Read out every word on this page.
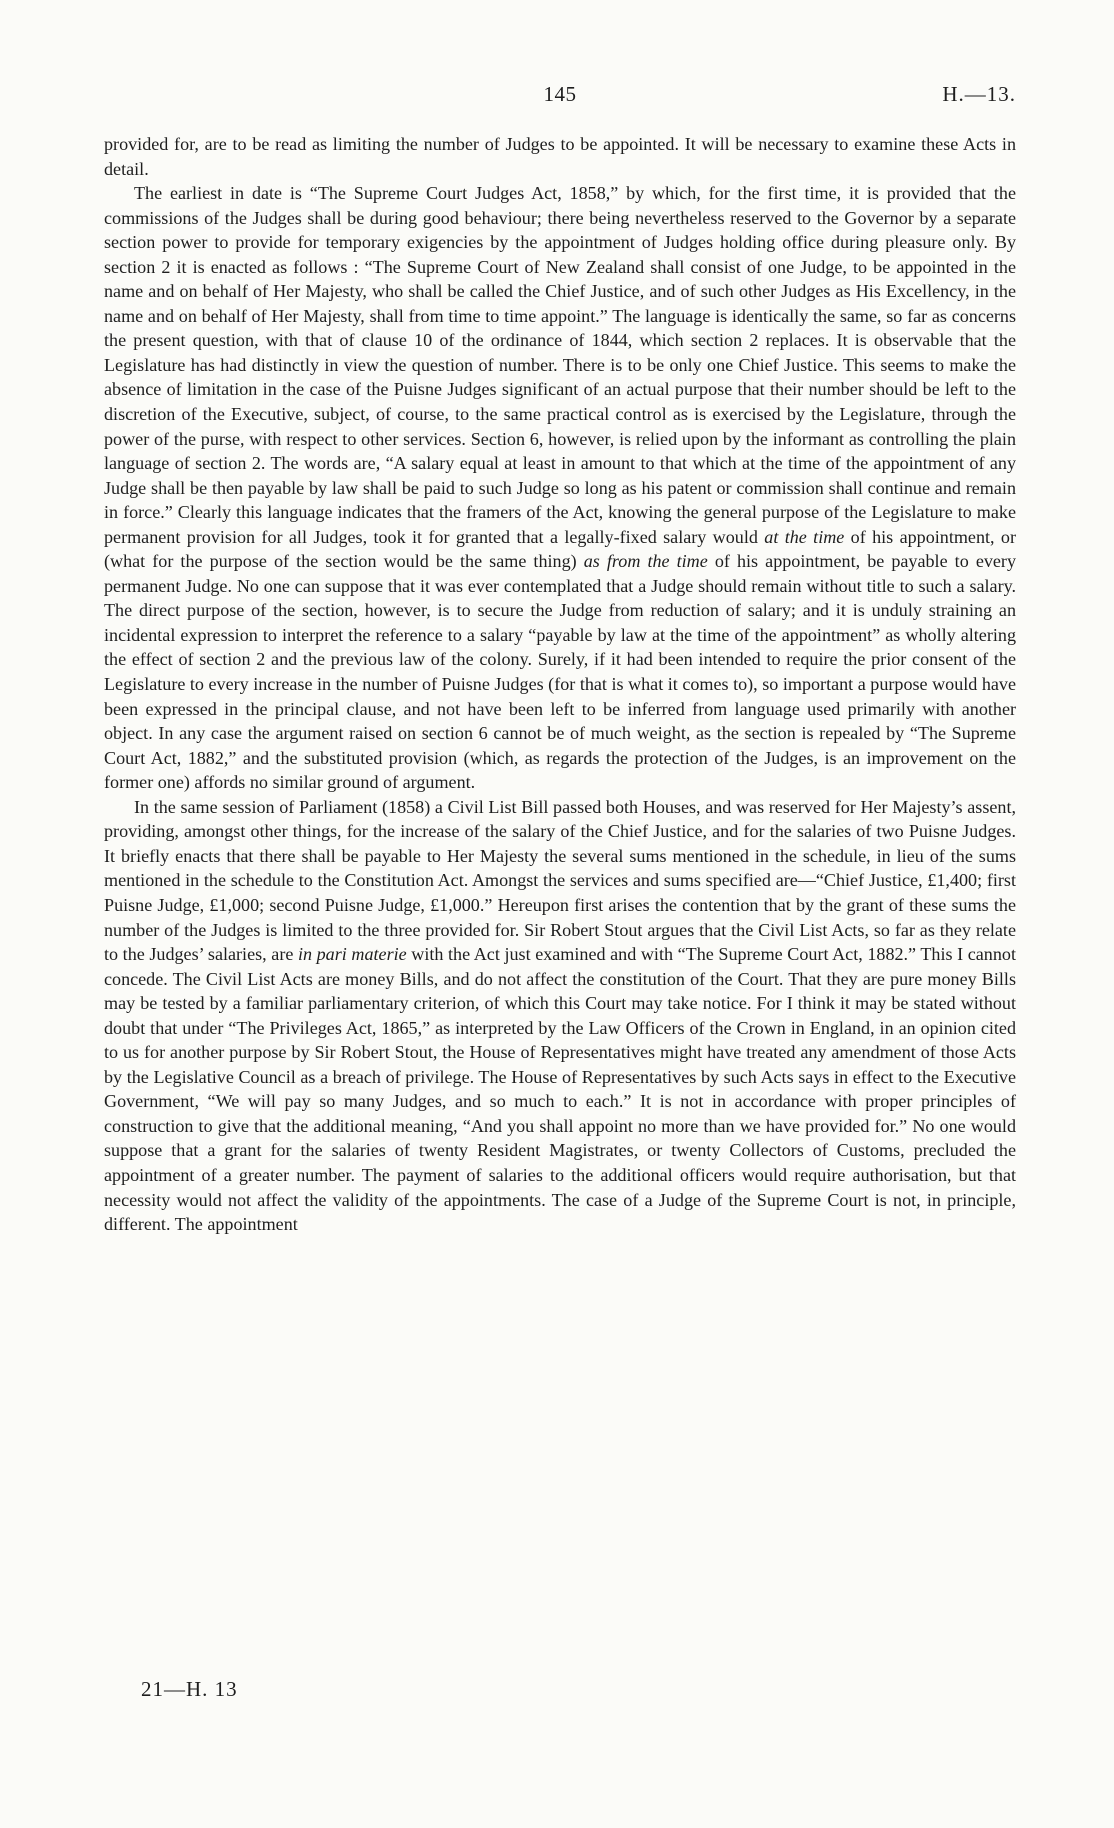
145	H.—13.

provided for, are to be read as limiting the number of Judges to be appointed. It will be necessary to examine these Acts in detail.

The earliest in date is “The Supreme Court Judges Act, 1858,” by which, for the first time, it is provided that the commissions of the Judges shall be during good behaviour; there being nevertheless reserved to the Governor by a separate section power to provide for temporary exigencies by the appointment of Judges holding office during pleasure only. By section 2 it is enacted as follows : “The Supreme Court of New Zealand shall consist of one Judge, to be appointed in the name and on behalf of Her Majesty, who shall be called the Chief Justice, and of such other Judges as His Excellency, in the name and on behalf of Her Majesty, shall from time to time appoint.” The language is identically the same, so far as concerns the present question, with that of clause 10 of the ordinance of 1844, which section 2 replaces. It is observable that the Legislature has had distinctly in view the question of number. There is to be only one Chief Justice. This seems to make the absence of limitation in the case of the Puisne Judges significant of an actual purpose that their number should be left to the discretion of the Executive, subject, of course, to the same practical control as is exercised by the Legislature, through the power of the purse, with respect to other services. Section 6, however, is relied upon by the informant as controlling the plain language of section 2. The words are, “A salary equal at least in amount to that which at the time of the appointment of any Judge shall be then payable by law shall be paid to such Judge so long as his patent or commission shall continue and remain in force.” Clearly this language indicates that the framers of the Act, knowing the general purpose of the Legislature to make permanent provision for all Judges, took it for granted that a legally-fixed salary would at the time of his appointment, or (what for the purpose of the section would be the same thing) as from the time of his appointment, be payable to every permanent Judge. No one can suppose that it was ever contemplated that a Judge should remain without title to such a salary. The direct purpose of the section, however, is to secure the Judge from reduction of salary; and it is unduly straining an incidental expression to interpret the reference to a salary “payable by law at the time of the appointment” as wholly altering the effect of section 2 and the previous law of the colony. Surely, if it had been intended to require the prior consent of the Legislature to every increase in the number of Puisne Judges (for that is what it comes to), so important a purpose would have been expressed in the principal clause, and not have been left to be inferred from language used primarily with another object. In any case the argument raised on section 6 cannot be of much weight, as the section is repealed by “The Supreme Court Act, 1882,” and the substituted provision (which, as regards the protection of the Judges, is an improvement on the former one) affords no similar ground of argument.

In the same session of Parliament (1858) a Civil List Bill passed both Houses, and was reserved for Her Majesty’s assent, providing, amongst other things, for the increase of the salary of the Chief Justice, and for the salaries of two Puisne Judges. It briefly enacts that there shall be payable to Her Majesty the several sums mentioned in the schedule, in lieu of the sums mentioned in the schedule to the Constitution Act. Amongst the services and sums specified are—“Chief Justice, £1,400; first Puisne Judge, £1,000; second Puisne Judge, £1,000.” Hereupon first arises the contention that by the grant of these sums the number of the Judges is limited to the three provided for. Sir Robert Stout argues that the Civil List Acts, so far as they relate to the Judges’ salaries, are in pari materie with the Act just examined and with “The Supreme Court Act, 1882.” This I cannot concede. The Civil List Acts are money Bills, and do not affect the constitution of the Court. That they are pure money Bills may be tested by a familiar parliamentary criterion, of which this Court may take notice. For I think it may be stated without doubt that under “The Privileges Act, 1865,” as interpreted by the Law Officers of the Crown in England, in an opinion cited to us for another purpose by Sir Robert Stout, the House of Representatives might have treated any amendment of those Acts by the Legislative Council as a breach of privilege. The House of Representatives by such Acts says in effect to the Executive Government, “We will pay so many Judges, and so much to each.” It is not in accordance with proper principles of construction to give that the additional meaning, “And you shall appoint no more than we have provided for.” No one would suppose that a grant for the salaries of twenty Resident Magistrates, or twenty Collectors of Customs, precluded the appointment of a greater number. The payment of salaries to the additional officers would require authorisation, but that necessity would not affect the validity of the appointments. The case of a Judge of the Supreme Court is not, in principle, different. The appointment

21—H. 13
